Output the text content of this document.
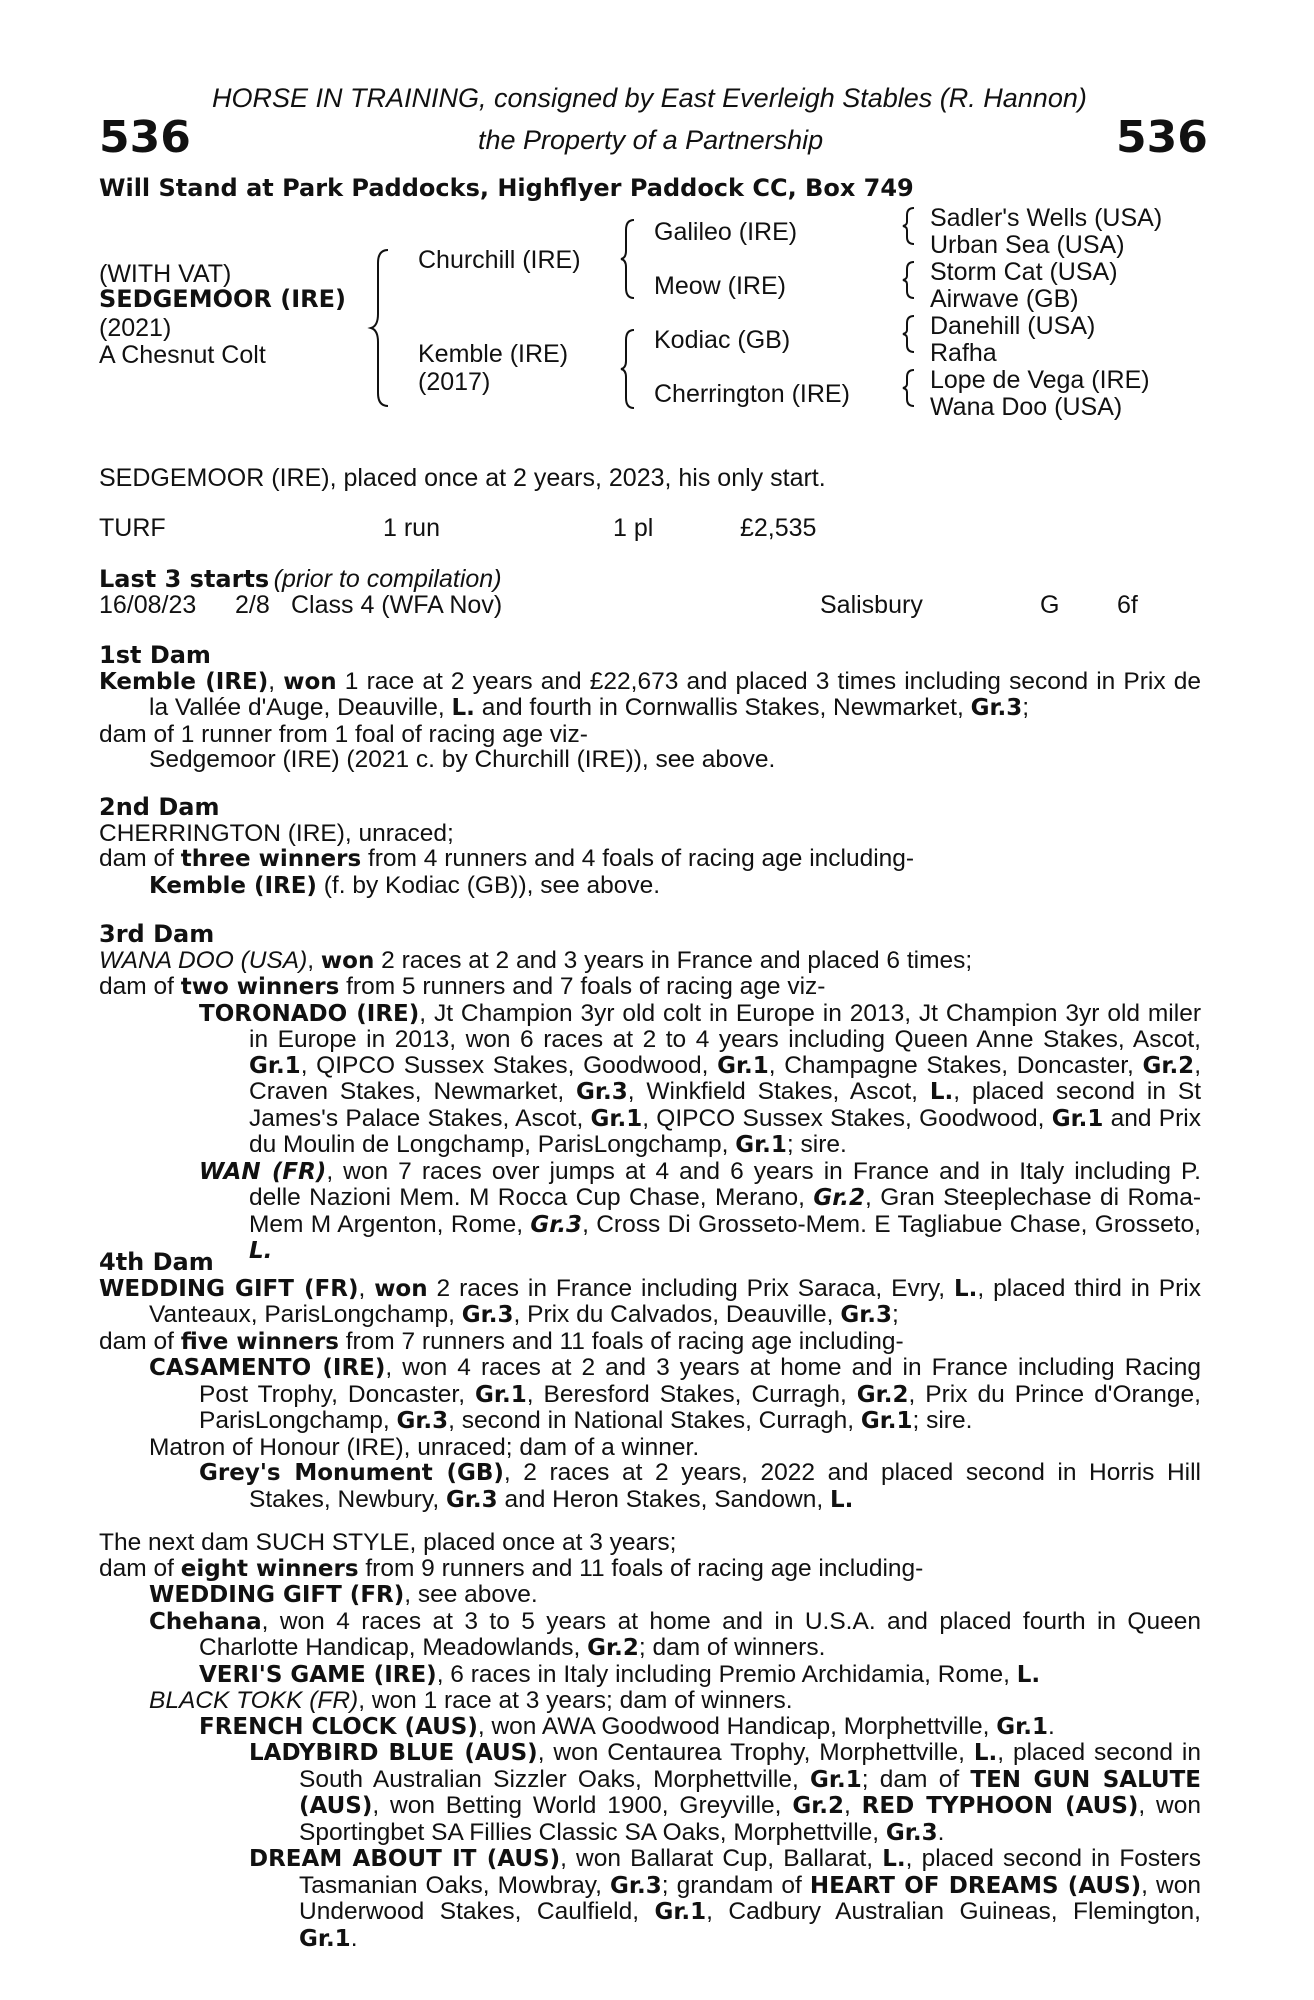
HORSE IN TRAINING, consigned by East Everleigh Stables (R. Hannon)
the Property of a Partnership
536	536
Will Stand at Park Paddocks, Highflyer Paddock CC, Box 749
(WITH VAT)
SEDGEMOOR (IRE)
(2021)
A Chesnut Colt
Churchill (IRE)
Kemble (IRE)
(2017)
Galileo (IRE)
Meow (IRE)
Kodiac (GB)
Cherrington (IRE)
Sadler's Wells (USA)
Urban Sea (USA)
Storm Cat (USA)
Airwave (GB)
Danehill (USA)
Rafha
Lope de Vega (IRE)
Wana Doo (USA)
SEDGEMOOR (IRE), placed once at 2 years, 2023, his only start.
TURF	1 run	1 pl	£2,535
Last 3 starts (prior to compilation)
16/08/23 2/8 Class 4 (WFA Nov)	Salisbury	G 6f

1st Dam

Kemble (IRE), won 1 race at 2 years and £22,673 and placed 3 times including second in Prix de la Vallée d'Auge, Deauville, L. and fourth in Cornwallis Stakes, Newmarket, Gr.3;

dam of 1 runner from 1 foal of racing age viz-

Sedgemoor (IRE) (2021 c. by Churchill (IRE)), see above.

2nd Dam

CHERRINGTON (IRE), unraced;

dam of three winners from 4 runners and 4 foals of racing age including-

Kemble (IRE) (f. by Kodiac (GB)), see above.

3rd Dam

WANA DOO (USA), won 2 races at 2 and 3 years in France and placed 6 times;

dam of two winners from 5 runners and 7 foals of racing age viz-

TORONADO (IRE), Jt Champion 3yr old colt in Europe in 2013, Jt Champion 3yr old miler in Europe in 2013, won 6 races at 2 to 4 years including Queen Anne Stakes, Ascot, Gr.1, QIPCO Sussex Stakes, Goodwood, Gr.1, Champagne Stakes, Doncaster, Gr.2, Craven Stakes, Newmarket, Gr.3, Winkfield Stakes, Ascot, L., placed second in St James's Palace Stakes, Ascot, Gr.1, QIPCO Sussex Stakes, Goodwood, Gr.1 and Prix du Moulin de Longchamp, ParisLongchamp, Gr.1; sire.

WAN (FR), won 7 races over jumps at 4 and 6 years in France and in Italy including P. delle Nazioni Mem. M Rocca Cup Chase, Merano, Gr.2, Gran Steeplechase di Roma-Mem M Argenton, Rome, Gr.3, Cross Di Grosseto-Mem. E Tagliabue Chase, Grosseto, L.

4th Dam

WEDDING GIFT (FR), won 2 races in France including Prix Saraca, Evry, L., placed third in Prix Vanteaux, ParisLongchamp, Gr.3, Prix du Calvados, Deauville, Gr.3;

dam of five winners from 7 runners and 11 foals of racing age including-

CASAMENTO (IRE), won 4 races at 2 and 3 years at home and in France including Racing Post Trophy, Doncaster, Gr.1, Beresford Stakes, Curragh, Gr.2, Prix du Prince d'Orange, ParisLongchamp, Gr.3, second in National Stakes, Curragh, Gr.1; sire.

Matron of Honour (IRE), unraced; dam of a winner.

Grey's Monument (GB), 2 races at 2 years, 2022 and placed second in Horris Hill Stakes, Newbury, Gr.3 and Heron Stakes, Sandown, L.

The next dam SUCH STYLE, placed once at 3 years;

dam of eight winners from 9 runners and 11 foals of racing age including-

WEDDING GIFT (FR), see above.

Chehana, won 4 races at 3 to 5 years at home and in U.S.A. and placed fourth in Queen Charlotte Handicap, Meadowlands, Gr.2; dam of winners.

VERI'S GAME (IRE), 6 races in Italy including Premio Archidamia, Rome, L.

BLACK TOKK (FR), won 1 race at 3 years; dam of winners.

FRENCH CLOCK (AUS), won AWA Goodwood Handicap, Morphettville, Gr.1.

LADYBIRD BLUE (AUS), won Centaurea Trophy, Morphettville, L., placed second in South Australian Sizzler Oaks, Morphettville, Gr.1; dam of TEN GUN SALUTE (AUS), won Betting World 1900, Greyville, Gr.2, RED TYPHOON (AUS), won Sportingbet SA Fillies Classic SA Oaks, Morphettville, Gr.3.

DREAM ABOUT IT (AUS), won Ballarat Cup, Ballarat, L., placed second in Fosters Tasmanian Oaks, Mowbray, Gr.3; grandam of HEART OF DREAMS (AUS), won Underwood Stakes, Caulfield, Gr.1, Cadbury Australian Guineas, Flemington, Gr.1.
